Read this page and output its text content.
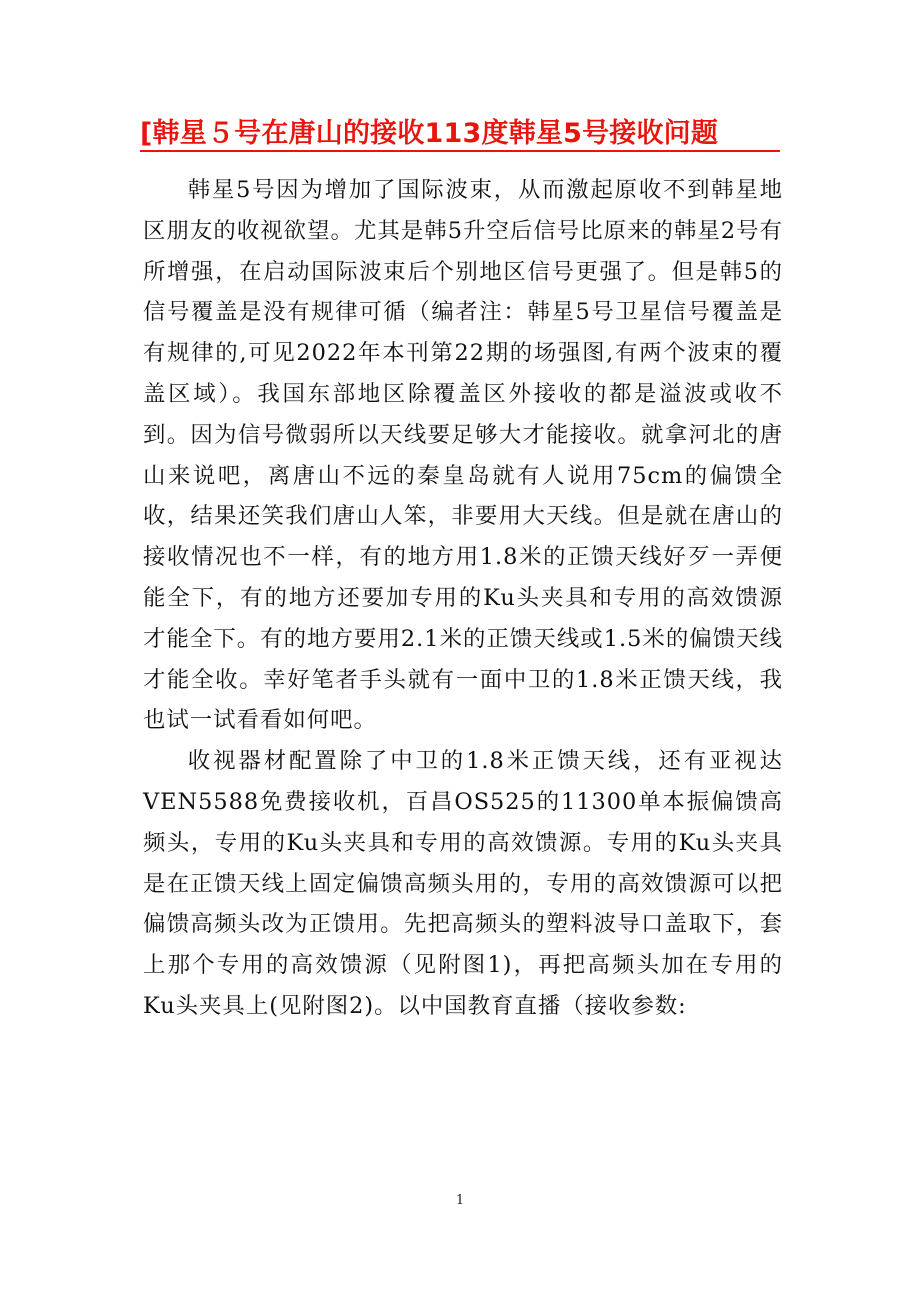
[韩星５号在唐山的接收113度韩星5号接收问题

韩星5号因为增加了国际波束，从而激起原收不到韩星地区朋友的收视欲望。尤其是韩5升空后信号比原来的韩星2号有所增强，在启动国际波束后个别地区信号更强了。但是韩5的信号覆盖是没有规律可循（编者注：韩星5号卫星信号覆盖是有规律的,可见2022年本刊第22期的场强图,有两个波束的覆盖区域）。我国东部地区除覆盖区外接收的都是溢波或收不到。因为信号微弱所以天线要足够大才能接收。就拿河北的唐山来说吧，离唐山不远的秦皇岛就有人说用75cm的偏馈全收，结果还笑我们唐山人笨，非要用大天线。但是就在唐山的接收情况也不一样，有的地方用1.8米的正馈天线好歹一弄便能全下，有的地方还要加专用的Ku头夹具和专用的高效馈源才能全下。有的地方要用2.1米的正馈天线或1.5米的偏馈天线才能全收。幸好笔者手头就有一面中卫的1.8米正馈天线，我也试一试看看如何吧。

收视器材配置除了中卫的1.8米正馈天线，还有亚视达VEN5588免费接收机，百昌OS525的11300单本振偏馈高频头，专用的Ku头夹具和专用的高效馈源。专用的Ku头夹具是在正馈天线上固定偏馈高频头用的，专用的高效馈源可以把偏馈高频头改为正馈用。先把高频头的塑料波导口盖取下，套上那个专用的高效馈源（见附图1)，再把高频头加在专用的Ku头夹具上(见附图2)。以中国教育直播（接收参数:

1
